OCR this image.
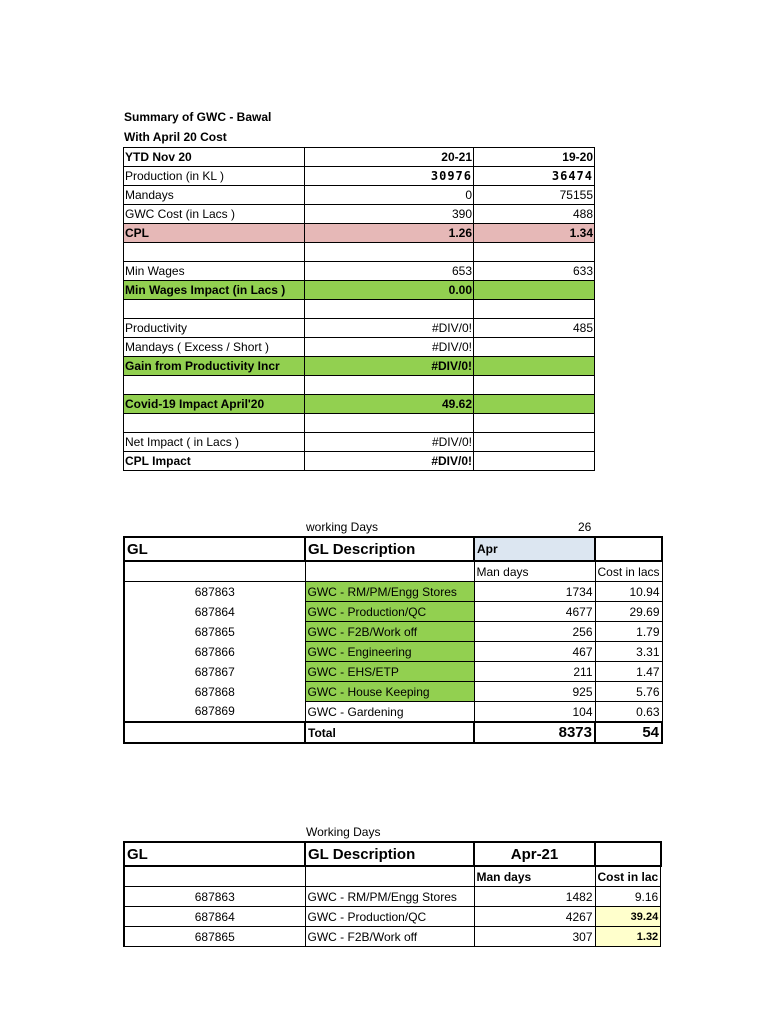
Summary of GWC - Bawal
With April 20 Cost
YTD Nov 20	20-21	19-20
Production (in KL )	30976	36474
Mandays	0	75155
GWC Cost (in Lacs )	390	488
CPL	1.26	1.34

Min Wages	653	633
Min Wages Impact (in Lacs )	0.00	

Productivity	#DIV/0!	485
Mandays ( Excess / Short )	#DIV/0!	
Gain from Productivity Incr	#DIV/0!	

Covid-19 Impact April'20	49.62	

Net Impact ( in Lacs )	#DIV/0!	
CPL Impact	#DIV/0!	
working Days	26
GL	GL Description	Apr	
		Man days	Cost in lacs
687863	GWC - RM/PM/Engg Stores	1734	10.94
687864	GWC - Production/QC	4677	29.69
687865	GWC - F2B/Work off	256	1.79
687866	GWC - Engineering	467	3.31
687867	GWC - EHS/ETP	211	1.47
687868	GWC - House Keeping	925	5.76
687869	GWC - Gardening	104	0.63
	Total	8373	54
Working Days
GL	GL Description	Apr-21	
		Man days	Cost in lac
687863	GWC - RM/PM/Engg Stores	1482	9.16
687864	GWC - Production/QC	4267	39.24
687865	GWC - F2B/Work off	307	1.32
